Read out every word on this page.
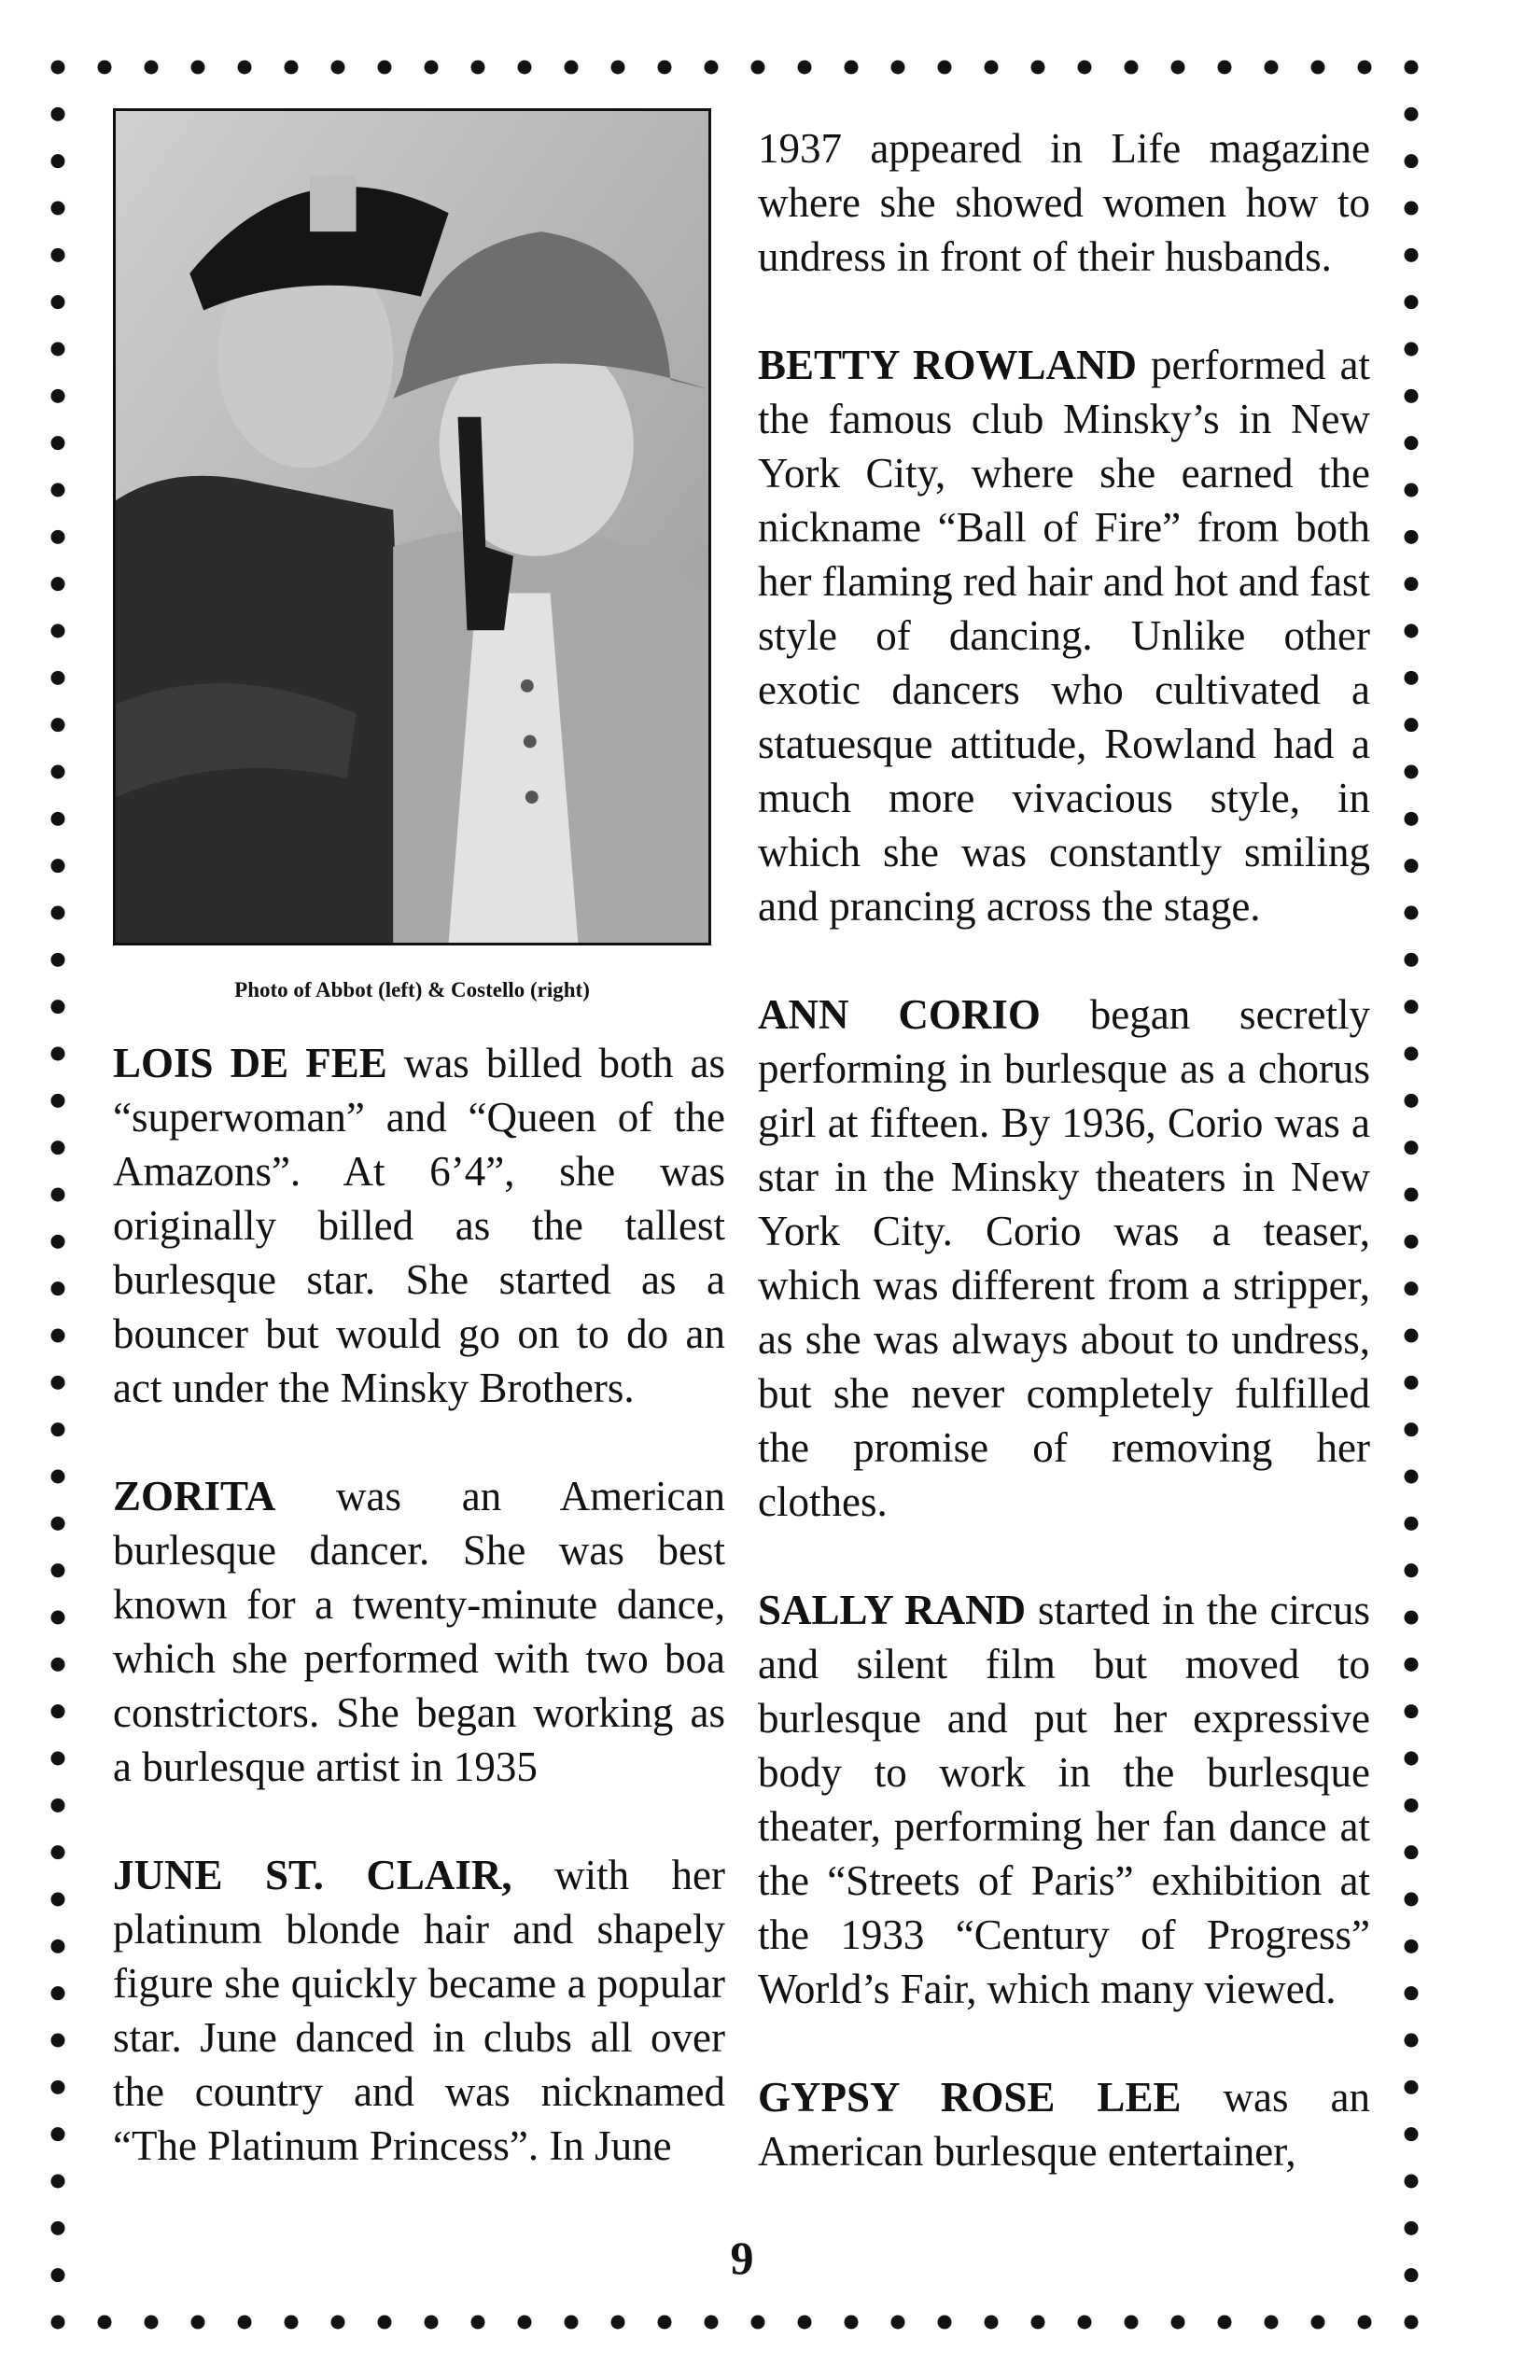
Photo of Abbot (left) & Costello (right)

LOIS DE FEE was billed both as “superwoman” and “Queen of the Amazons”. At 6’4”, she was originally billed as the tallest burlesque star. She started as a bouncer but would go on to do an act under the Minsky Brothers.

ZORITA was an American burlesque dancer. She was best known for a twenty-minute dance, which she performed with two boa constrictors. She began working as a burlesque artist in 1935

JUNE ST. CLAIR, with her platinum blonde hair and shapely figure she quickly became a popular star. June danced in clubs all over the country and was nicknamed “The Platinum Princess”. In June

1937 appeared in Life magazine where she showed women how to undress in front of their husbands.

BETTY ROWLAND performed at the famous club Minsky’s in New York City, where she earned the nickname “Ball of Fire” from both her flaming red hair and hot and fast style of dancing. Unlike other exotic dancers who cultivated a statuesque attitude, Rowland had a much more vivacious style, in which she was constantly smiling and prancing across the stage.

ANN CORIO began secretly performing in burlesque as a chorus girl at fifteen. By 1936, Corio was a star in the Minsky theaters in New York City. Corio was a teaser, which was different from a stripper, as she was always about to undress, but she never completely fulfilled the promise of removing her clothes.

SALLY RAND started in the circus and silent film but moved to burlesque and put her expressive body to work in the burlesque theater, performing her fan dance at the “Streets of Paris” exhibition at the 1933 “Century of Progress” World’s Fair, which many viewed.

GYPSY ROSE LEE was an American burlesque entertainer,

9
